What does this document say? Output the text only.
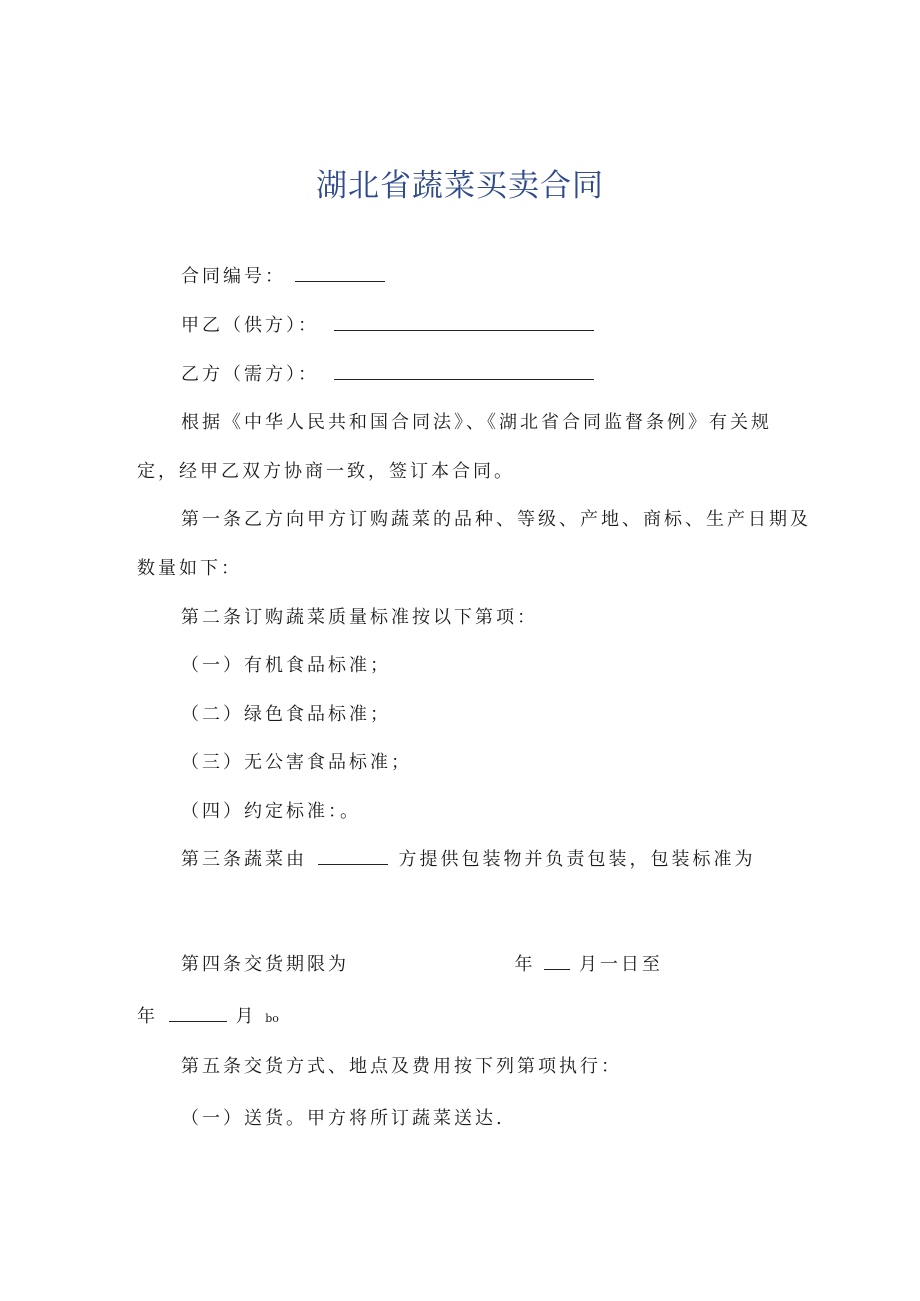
湖北省蔬菜买卖合同
合同编号：
甲乙（供方）：
乙方（需方）：
根据《中华人民共和国合同法》、《湖北省合同监督条例》有关规
定，经甲乙双方协商一致，签订本合同。
第一条乙方向甲方订购蔬菜的品种、等级、产地、商标、生产日期及
数量如下：
第二条订购蔬菜质量标准按以下第项：
（一）有机食品标准；
（二）绿色食品标准；
（三）无公害食品标准；
（四）约定标准：。
第三条蔬菜由	方提供包装物并负责包装，包装标准为
第四条交货期限为	年 月一日至
年	月 bo
第五条交货方式、地点及费用按下列第项执行：
（一）送货。甲方将所订蔬菜送达.
